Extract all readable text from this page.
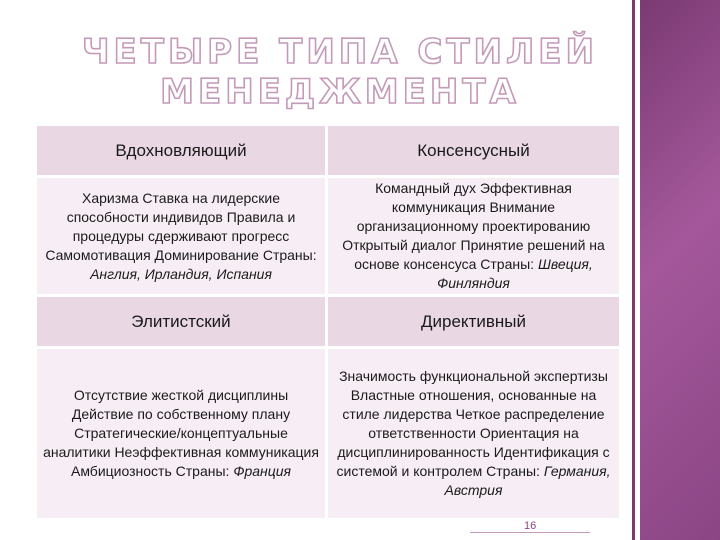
ЧЕТЫРЕ ТИПА СТИЛЕЙ
МЕНЕДЖМЕНТА
Вдохновляющий	Консенсусный
Харизма Ставка на лидерские способности индивидов Правила и процедуры сдерживают прогресс Самомотивация Доминирование Страны: Англия, Ирландия, Испания
Командный дух Эффективная коммуникация Внимание организационному проектированию Открытый диалог Принятие решений на основе консенсуса Страны: Швеция, Финляндия
Элитистский	Директивный
Отсутствие жесткой дисциплины Действие по собственному плану Стратегические/концептуальные аналитики Неэффективная коммуникация Амбициозность Страны: Франция
Значимость функциональной экспертизы Властные отношения, основанные на стиле лидерства Четкое распределение ответственности Ориентация на дисциплинированность Идентификация с системой и контролем Страны: Германия, Австрия
16
